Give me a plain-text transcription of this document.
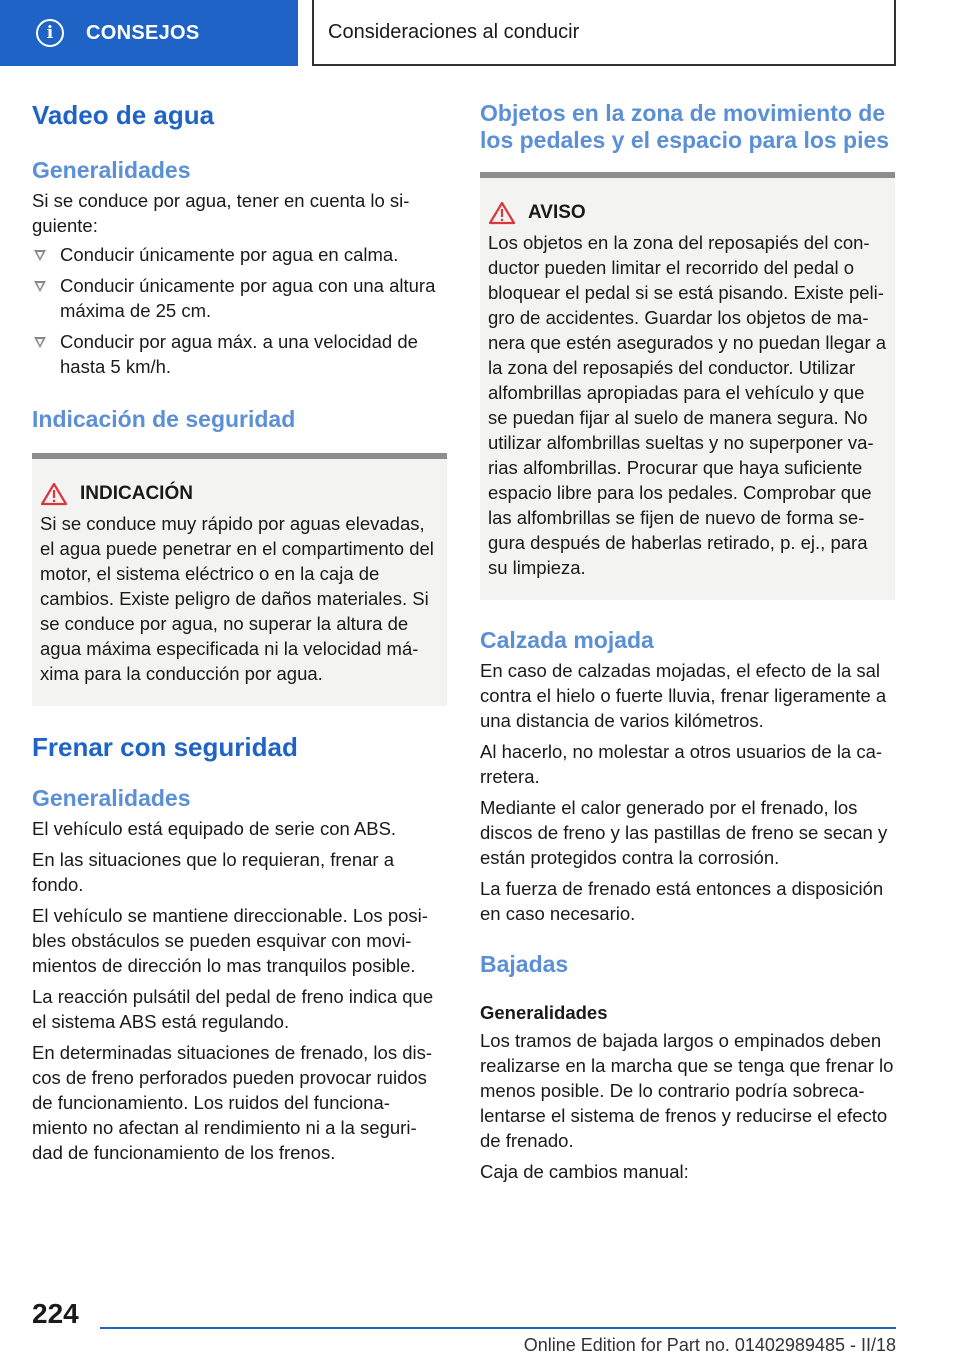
i	CONSEJOS	Consideraciones al conducir
Vadeo de agua
Generalidades

Si se conduce por agua, tener en cuenta lo si‐ guiente:

Conducir únicamente por agua en calma.
Conducir únicamente por agua con una altura máxima de 25 cm.
Conducir por agua máx. a una velocidad de hasta 5 km/h.
Indicación de seguridad
INDICACIÓN

Si se conduce muy rápido por aguas elevadas, el agua puede penetrar en el compartimento del motor, el sistema eléctrico o en la caja de cambios. Existe peligro de daños materiales. Si se conduce por agua, no superar la altura de agua máxima especificada ni la velocidad má‐ xima para la conducción por agua.

Frenar con seguridad
Generalidades

El vehículo está equipado de serie con ABS.

En las situaciones que lo requieran, frenar a fondo.

El vehículo se mantiene direccionable. Los posi‐ bles obstáculos se pueden esquivar con movi‐ mientos de dirección lo mas tranquilos posible.

La reacción pulsátil del pedal de freno indica que el sistema ABS está regulando.

En determinadas situaciones de frenado, los dis‐ cos de freno perforados pueden provocar ruidos de funcionamiento. Los ruidos del funciona‐ miento no afectan al rendimiento ni a la seguri‐ dad de funcionamiento de los frenos.

Objetos en la zona de movimiento de los pedales y el espacio para los pies
AVISO

Los objetos en la zona del reposapiés del con‐ ductor pueden limitar el recorrido del pedal o bloquear el pedal si se está pisando. Existe peli‐ gro de accidentes. Guardar los objetos de ma‐ nera que estén asegurados y no puedan llegar a la zona del reposapiés del conductor. Utilizar alfombrillas apropiadas para el vehículo y que se puedan fijar al suelo de manera segura. No utilizar alfombrillas sueltas y no superponer va‐ rias alfombrillas. Procurar que haya suficiente espacio libre para los pedales. Comprobar que las alfombrillas se fijen de nuevo de forma se‐ gura después de haberlas retirado, p. ej., para su limpieza.

Calzada mojada

En caso de calzadas mojadas, el efecto de la sal contra el hielo o fuerte lluvia, frenar ligeramente a una distancia de varios kilómetros.

Al hacerlo, no molestar a otros usuarios de la ca‐ rretera.

Mediante el calor generado por el frenado, los discos de freno y las pastillas de freno se secan y están protegidos contra la corrosión.

La fuerza de frenado está entonces a disposición en caso necesario.

Bajadas
Generalidades

Los tramos de bajada largos o empinados deben realizarse en la marcha que se tenga que frenar lo menos posible. De lo contrario podría sobreca‐ lentarse el sistema de frenos y reducirse el efecto de frenado.

Caja de cambios manual:

224
Online Edition for Part no. 01402989485 - II/18
